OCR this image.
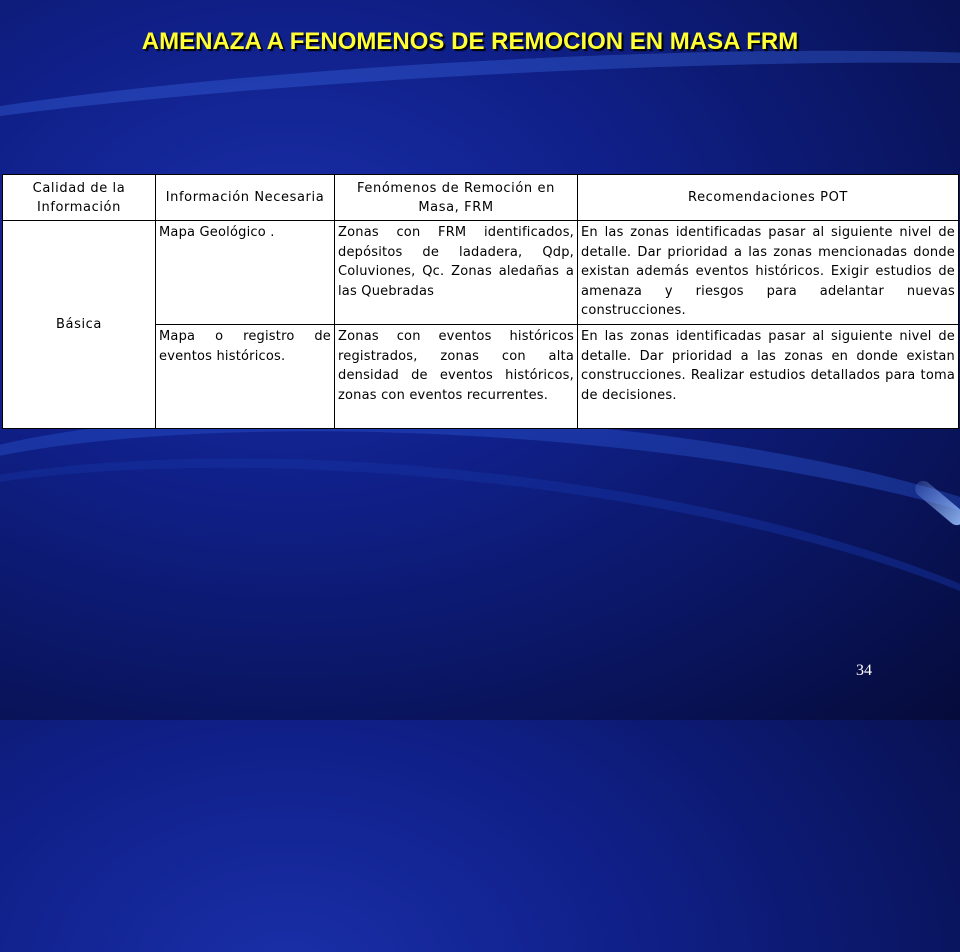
AMENAZA A FENOMENOS DE REMOCION EN MASA FRM
Calidad de la Información	Información Necesaria	Fenómenos de Remoción en Masa, FRM	Recomendaciones POT
Básica	Mapa Geológico .	Zonas con FRM identificados, depósitos de ladadera, Qdp, Coluviones, Qc. Zonas aledañas a las Quebradas	En las zonas identificadas pasar al siguiente nivel de detalle. Dar prioridad a las zonas mencionadas donde existan además eventos históricos. Exigir estudios de amenaza y riesgos para adelantar nuevas construcciones.
	Mapa o registro de eventos históricos.	Zonas con eventos históricos registrados, zonas con alta densidad de eventos históricos, zonas con eventos recurrentes.	En las zonas identificadas pasar al siguiente nivel de detalle. Dar prioridad a las zonas en donde existan construcciones. Realizar estudios detallados para toma de decisiones.
34
